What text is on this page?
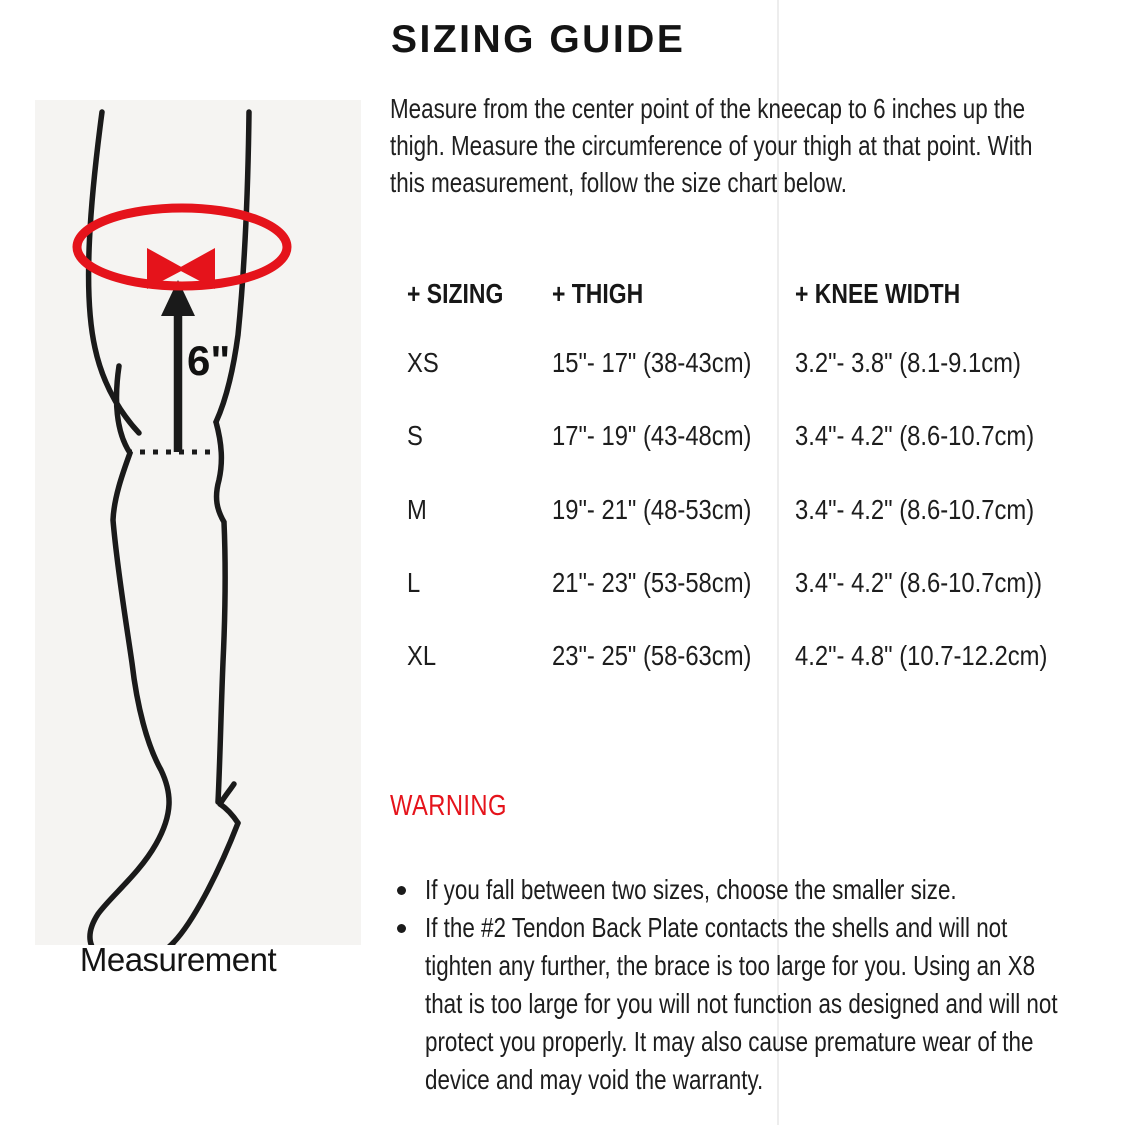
6"
Measurement
SIZING GUIDE
Measure from the center point of the kneecap to 6 inches up the
thigh. Measure the circumference of your thigh at that point. With
this measurement, follow the size chart below.
+ SIZING	+ THIGH	+ KNEE WIDTH
XS	15"- 17" (38-43cm)	3.2"- 3.8" (8.1-9.1cm)
S	17"- 19" (43-48cm)	3.4"- 4.2" (8.6-10.7cm)
M	19"- 21" (48-53cm)	3.4"- 4.2" (8.6-10.7cm)
L	21"- 23" (53-58cm)	3.4"- 4.2" (8.6-10.7cm))
XL	23"- 25" (58-63cm)	4.2"- 4.8" (10.7-12.2cm)
WARNING
If you fall between two sizes, choose the smaller size.
If the #2 Tendon Back Plate contacts the shells and will not
tighten any further, the brace is too large for you. Using an X8
that is too large for you will not function as designed and will not
protect you properly. It may also cause premature wear of the
device and may void the warranty.
